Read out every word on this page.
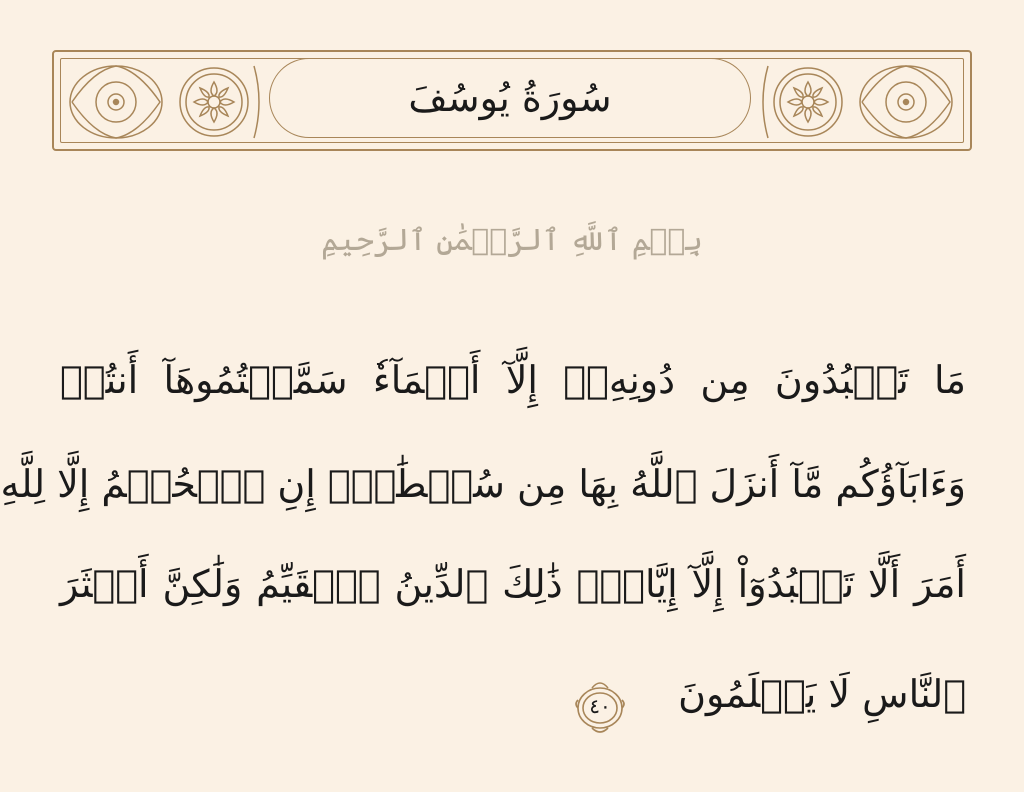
سُورَةُ يُوسُفَ
بِسۡمِ ٱللَّهِ ٱلرَّحۡمَٰنِ ٱلرَّحِيمِ
مَا تَعۡبُدُونَ مِن دُونِهِۦٓ إِلَّآ أَسۡمَآءٗ سَمَّيۡتُمُوهَآ أَنتُمۡ
وَءَابَآؤُكُم مَّآ أَنزَلَ ٱللَّهُ بِهَا مِن سُلۡطَٰنٍۚ إِنِ ٱلۡحُكۡمُ إِلَّا لِلَّهِ
أَمَرَ أَلَّا تَعۡبُدُوٓاْ إِلَّآ إِيَّاهُۚ ذَٰلِكَ ٱلدِّينُ ٱلۡقَيِّمُ وَلَٰكِنَّ أَكۡثَرَ
ٱلنَّاسِ لَا يَعۡلَمُونَ
٤٠
